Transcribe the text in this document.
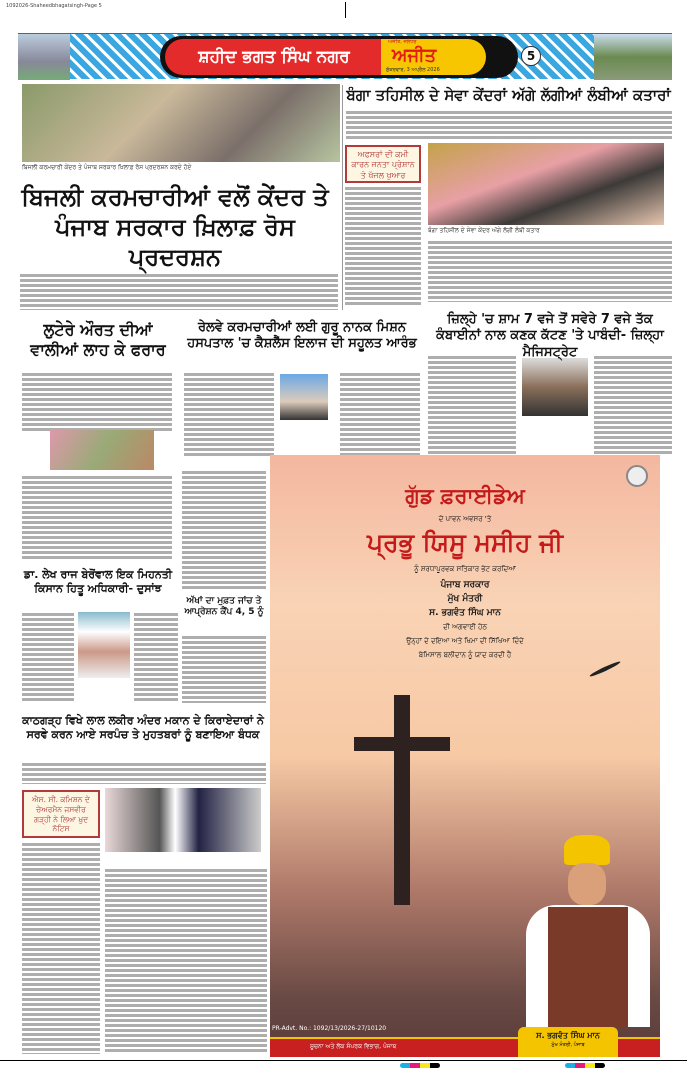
1092026-Shaheedbhagatsingh-Page 5
ਸ਼ਹੀਦ ਭਗਤ ਸਿੰਘ ਨਗਰ
ਅਜੀਤ, ਜਲੰਧਰ
ਅਜੀਤ
ਸ਼ੁੱਕਰਵਾਰ, 3 ਅਪ੍ਰੈਲ 2026
5
ਬਿਜਲੀ ਕਰਮਚਾਰੀ ਕੇਂਦਰ ਤੇ ਪੰਜਾਬ ਸਰਕਾਰ ਖ਼ਿਲਾਫ਼ ਰੋਸ ਪ੍ਰਦਰਸ਼ਨ ਕਰਦੇ ਹੋਏ
ਬਿਜਲੀ ਕਰਮਚਾਰੀਆਂ ਵਲੋਂ ਕੇਂਦਰ ਤੇ ਪੰਜਾਬ ਸਰਕਾਰ ਖ਼ਿਲਾਫ਼ ਰੋਸ ਪ੍ਰਦਰਸ਼ਨ
ਬੰਗਾ ਤਹਿਸੀਲ ਦੇ ਸੇਵਾ ਕੇਂਦਰਾਂ ਅੱਗੇ ਲੱਗੀਆਂ ਲੰਬੀਆਂ ਕਤਾਰਾਂ
ਅਫਸਰਾਂ ਦੀ ਕਮੀ ਕਾਰਨ ਜਨਤਾ ਪ੍ਰੇਸ਼ਾਨ ਤੇ ਖੱਜਲ ਖੁਆਰ
ਬੰਗਾ ਤਹਿਸੀਲ ਦੇ ਸੇਵਾ ਕੇਂਦਰ ਅੱਗੇ ਲੱਗੀ ਲੰਬੀ ਕਤਾਰ
ਜ਼ਿਲ੍ਹੇ 'ਚ ਸ਼ਾਮ 7 ਵਜੇ ਤੋਂ ਸਵੇਰੇ 7 ਵਜੇ ਤੱਕ ਕੰਬਾਈਨਾਂ ਨਾਲ ਕਣਕ ਕੱਟਣ 'ਤੇ ਪਾਬੰਦੀ- ਜ਼ਿਲ੍ਹਾ ਮੈਜਿਸਟ੍ਰੇਟ
ਲੁਟੇਰੇ ਔਰਤ ਦੀਆਂ ਵਾਲੀਆਂ ਲਾਹ ਕੇ ਫਰਾਰ
ਰੇਲਵੇ ਕਰਮਚਾਰੀਆਂ ਲਈ ਗੁਰੂ ਨਾਨਕ ਮਿਸ਼ਨ ਹਸਪਤਾਲ 'ਚ ਕੈਸ਼ਲੈੱਸ ਇਲਾਜ ਦੀ ਸਹੂਲਤ ਆਰੰਭ
ਡਾ. ਲੇਖ ਰਾਜ ਬੇਰੋਂਵਾਲ ਇਕ ਮਿਹਨਤੀ ਕਿਸਾਨ ਹਿਤੂ ਅਧਿਕਾਰੀ- ਦੁਸਾਂਝ
ਅੱਖਾਂ ਦਾ ਮੁਫ਼ਤ ਜਾਂਚ ਤੇ ਆਪ੍ਰੇਸ਼ਨ ਕੈਂਪ 4, 5 ਨੂੰ
ਕਾਠਗੜ੍ਹ ਵਿਖੇ ਲਾਲ ਲਕੀਰ ਅੰਦਰ ਮਕਾਨ ਦੇ ਕਿਰਾਏਦਾਰਾਂ ਨੇ ਸਰਵੇ ਕਰਨ ਆਏ ਸਰਪੰਚ ਤੇ ਮੁਹਤਬਰਾਂ ਨੂੰ ਬਣਾਇਆ ਬੰਧਕ
ਐਸ. ਸੀ. ਕਮਿਸ਼ਨ ਦੇ ਚੇਅਰਮੈਨ ਜਸਵੀਰ ਗੜ੍ਹੀ ਨੇ ਲਿਆ ਖ਼ੁਦ ਨੋਟਿਸ
ਗੁੱਡ ਫ਼ਰਾਈਡੇਅ
ਦੇ ਪਾਵਨ ਅਵਸਰ 'ਤੇ
ਪ੍ਰਭੂ ਯਿਸੂ ਮਸੀਹ ਜੀ
ਨੂੰ ਸ਼ਰਧਾਪੂਰਵਕ ਸਤਿਕਾਰ ਭੇਟ ਕਰਦਿਆਂ
ਪੰਜਾਬ ਸਰਕਾਰ
ਮੁੱਖ ਮੰਤਰੀ
ਸ. ਭਗਵੰਤ ਸਿੰਘ ਮਾਨ
ਦੀ ਅਗਵਾਈ ਹੇਠ
ਉਨ੍ਹਾਂ ਦੇ ਦਇਆ ਅਤੇ ਖਿਮਾ ਦੀ ਸਿੱਖਿਆ ਦਿੰਦੇ
ਬੇਮਿਸਾਲ ਬਲੀਦਾਨ ਨੂੰ ਯਾਦ ਕਰਦੀ ਹੈ
PR-Advt. No.: 1092/13/2026-27/10120
ਸੂਚਨਾ ਅਤੇ ਲੋਕ ਸੰਪਰਕ ਵਿਭਾਗ, ਪੰਜਾਬ
ਸ. ਭਗਵੰਤ ਸਿੰਘ ਮਾਨ
ਮੁੱਖ ਮੰਤਰੀ, ਪੰਜਾਬ
